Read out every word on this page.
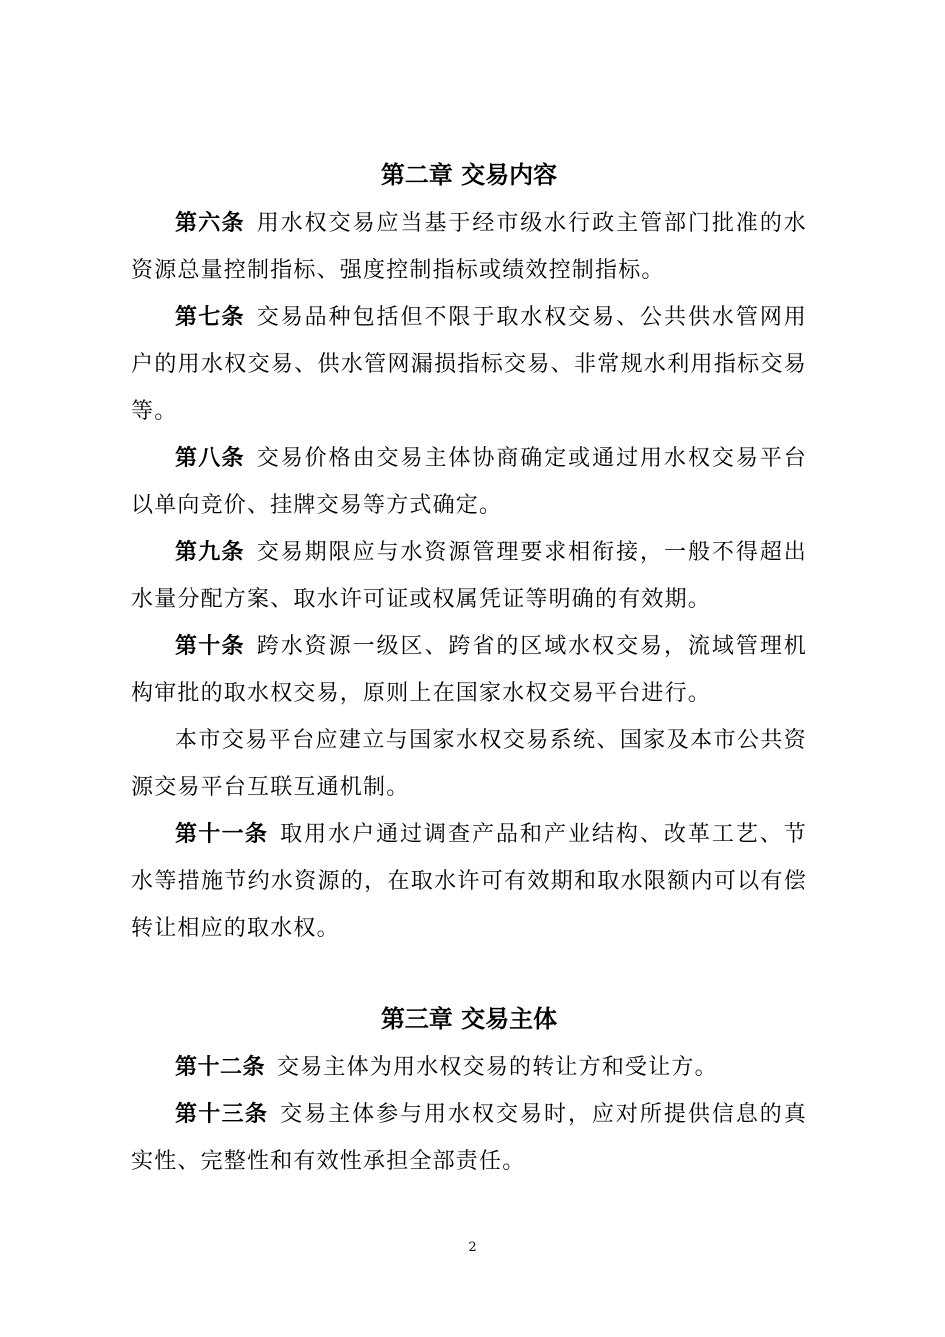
第二章 交易内容

第六条 用水权交易应当基于经市级水行政主管部门批准的水资源总量控制指标、强度控制指标或绩效控制指标。

第七条 交易品种包括但不限于取水权交易、公共供水管网用户的用水权交易、供水管网漏损指标交易、非常规水利用指标交易等。

第八条 交易价格由交易主体协商确定或通过用水权交易平台以单向竞价、挂牌交易等方式确定。

第九条 交易期限应与水资源管理要求相衔接，一般不得超出水量分配方案、取水许可证或权属凭证等明确的有效期。

第十条 跨水资源一级区、跨省的区域水权交易，流域管理机构审批的取水权交易，原则上在国家水权交易平台进行。

本市交易平台应建立与国家水权交易系统、国家及本市公共资源交易平台互联互通机制。

第十一条 取用水户通过调查产品和产业结构、改革工艺、节水等措施节约水资源的，在取水许可有效期和取水限额内可以有偿转让相应的取水权。

第三章 交易主体

第十二条 交易主体为用水权交易的转让方和受让方。

第十三条 交易主体参与用水权交易时，应对所提供信息的真实性、完整性和有效性承担全部责任。

2
